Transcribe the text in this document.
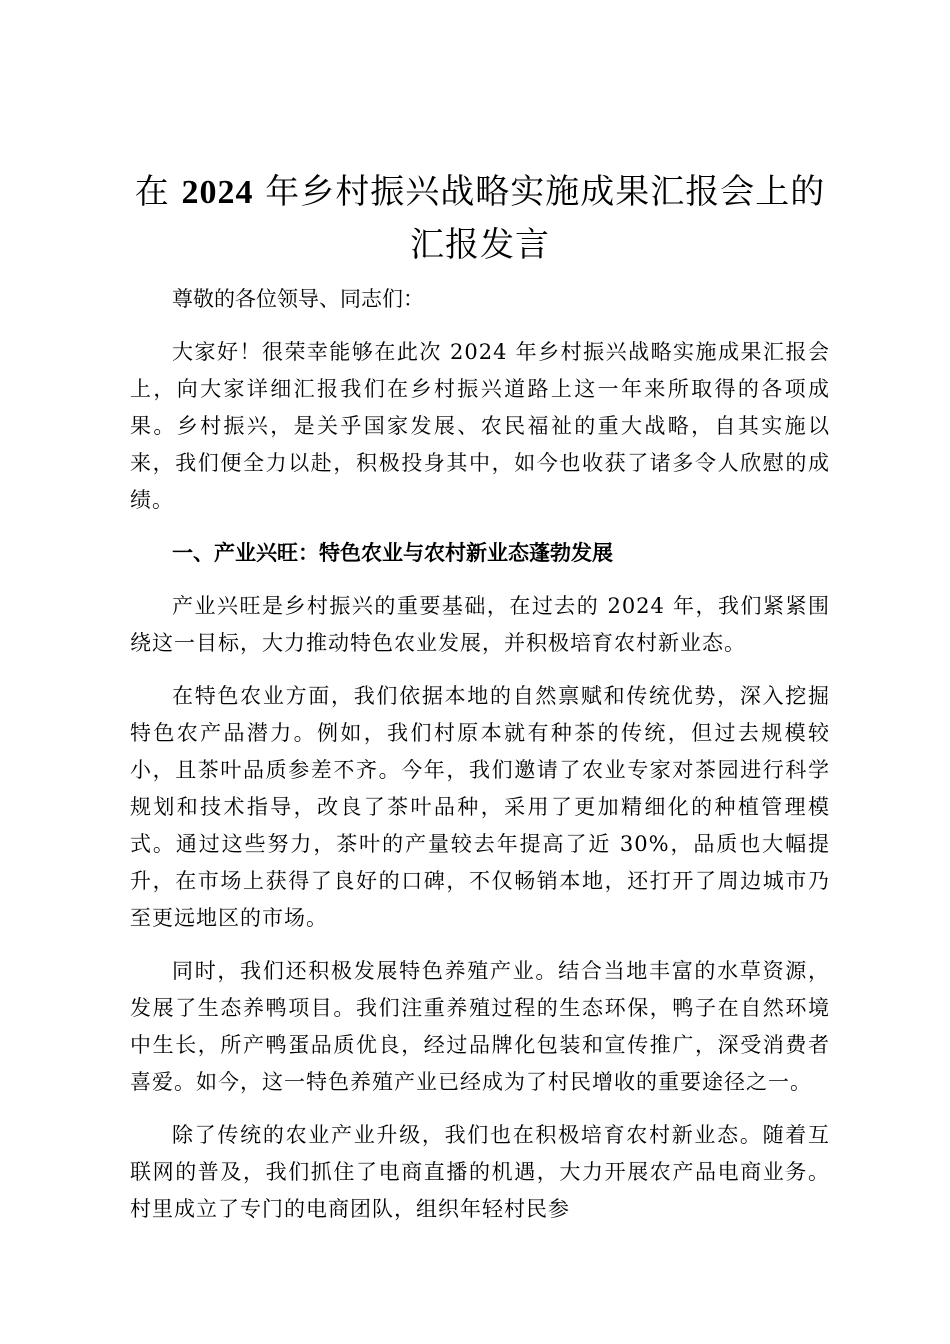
在 2024 年乡村振兴战略实施成果汇报会上的
汇报发言

尊敬的各位领导、同志们：

大家好！很荣幸能够在此次 2024 年乡村振兴战略实施成果汇报会上，向大家详细汇报我们在乡村振兴道路上这一年来所取得的各项成果。乡村振兴，是关乎国家发展、农民福祉的重大战略，自其实施以来，我们便全力以赴，积极投身其中，如今也收获了诸多令人欣慰的成绩。

一、产业兴旺：特色农业与农村新业态蓬勃发展

产业兴旺是乡村振兴的重要基础，在过去的 2024 年，我们紧紧围绕这一目标，大力推动特色农业发展，并积极培育农村新业态。

在特色农业方面，我们依据本地的自然禀赋和传统优势，深入挖掘特色农产品潜力。例如，我们村原本就有种茶的传统，但过去规模较小，且茶叶品质参差不齐。今年，我们邀请了农业专家对茶园进行科学规划和技术指导，改良了茶叶品种，采用了更加精细化的种植管理模式。通过这些努力，茶叶的产量较去年提高了近 30%，品质也大幅提升，在市场上获得了良好的口碑，不仅畅销本地，还打开了周边城市乃至更远地区的市场。

同时，我们还积极发展特色养殖产业。结合当地丰富的水草资源，发展了生态养鸭项目。我们注重养殖过程的生态环保，鸭子在自然环境中生长，所产鸭蛋品质优良，经过品牌化包装和宣传推广，深受消费者喜爱。如今，这一特色养殖产业已经成为了村民增收的重要途径之一。

除了传统的农业产业升级，我们也在积极培育农村新业态。随着互联网的普及，我们抓住了电商直播的机遇，大力开展农产品电商业务。村里成立了专门的电商团队，组织年轻村民参
